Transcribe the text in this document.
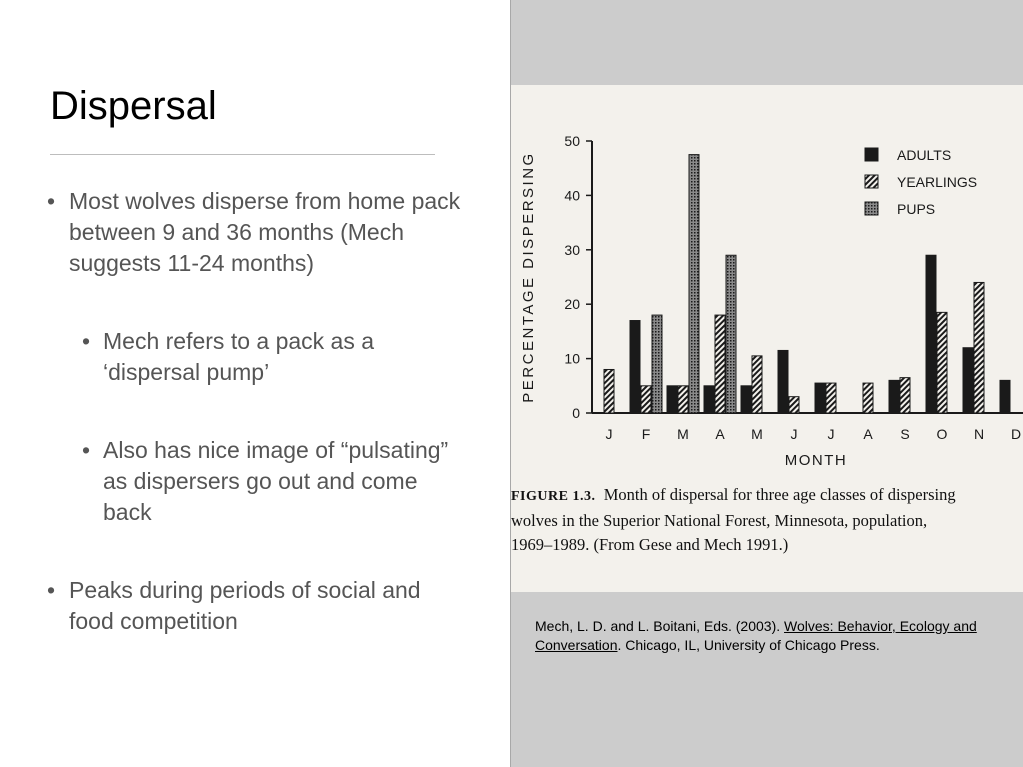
Dispersal
• Most wolves disperse from home pack between 9 and 36 months (Mech suggests 11-24 months)
• Mech refers to a pack as a ‘dispersal pump’
• Also has nice image of “pulsating” as dispersers go out and come back
• Peaks during periods of social and food competition
0
10
20
30
40
50
PERCENTAGE DISPERSING
J F M A M J J A S O N D
MONTH
ADULTS
YEARLINGS
PUPS
FIGURE 1.3. Month of dispersal for three age classes of dispersing
wolves in the Superior National Forest, Minnesota, population,
1969–1989. (From Gese and Mech 1991.)
Mech, L. D. and L. Boitani, Eds. (2003). Wolves: Behavior, Ecology and Conversation. Chicago, IL, University of Chicago Press.
